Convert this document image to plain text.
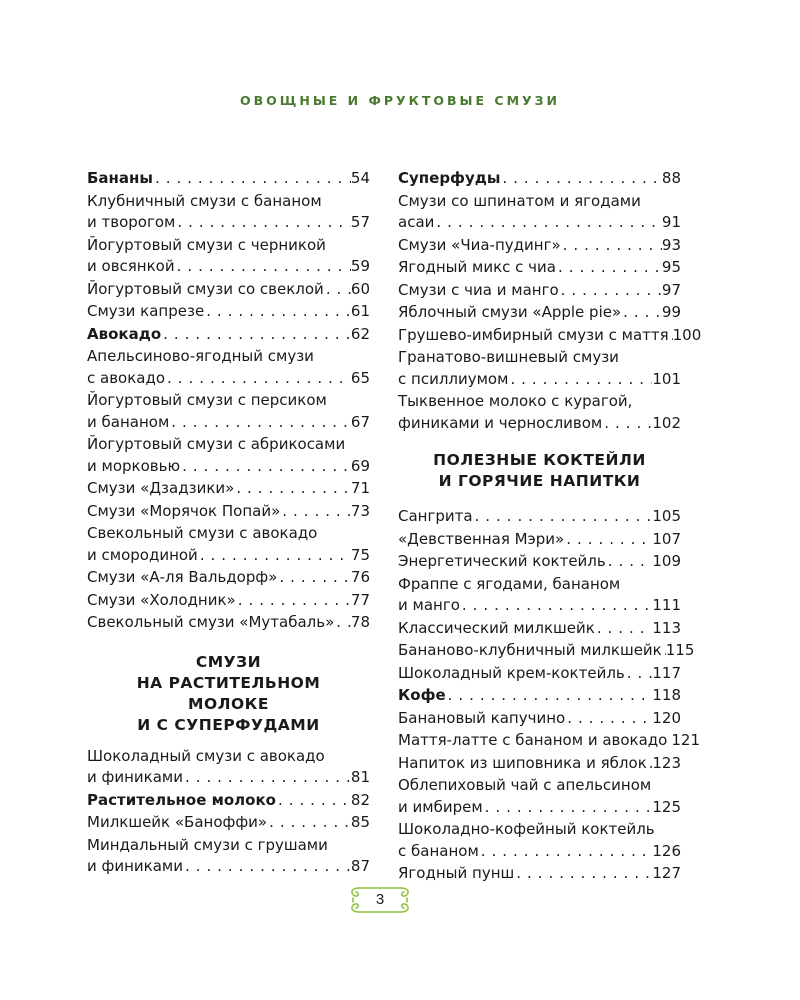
ОВОЩНЫЕ И ФРУКТОВЫЕ СМУЗИ
Бананы . . .	54
Клубничный смузи с бананом
и творогом . . .	57
Йогуртовый смузи с черникой
и овсянкой . . .	59
Йогуртовый смузи со свеклой . . . 60
Смузи капрезе . . .	61
Авокадо . . .	62
Апельсиново-ягодный смузи
с авокадо . . .	65
Йогуртовый смузи с персиком
и бананом . . .	67
Йогуртовый смузи с абрикосами
и морковью . . .	69
Смузи «Дзадзики» . . .	71
Смузи «Морячок Попай» . . .	73
Свекольный смузи с авокадо
и смородиной . . .	75
Смузи «А-ля Вальдорф» . . .	76
Смузи «Холодник» . . .	77
Свекольный смузи «Мутабаль» . . . 78
СМУЗИ
НА РАСТИТЕЛЬНОМ
МОЛОКЕ
И С СУПЕРФУДАМИ
Шоколадный смузи с авокадо
и финиками . . .	81
Растительное молоко . . .	82
Милкшейк «Баноффи» . . .	85
Миндальный смузи с грушами
и финиками . . .	87
Суперфуды . . .	88
Смузи со шпинатом и ягодами
асаи . . .	91
Смузи «Чиа-пудинг» . . .	93
Ягодный микс с чиа . . .	95
Смузи с чиа и манго . . .	97
Яблочный смузи «Apple pie» . . .	99
Грушево-имбирный смузи с маття . . . 100
Гранатово-вишневый смузи
с псиллиумом . . .	101
Тыквенное молоко с курагой,
финиками и черносливом . . .	102
ПОЛЕЗНЫЕ КОКТЕЙЛИ
И ГОРЯЧИЕ НАПИТКИ
Сангрита . . .	105
«Девственная Мэри» . . .	107
Энергетический коктейль . . .	109
Фраппе с ягодами, бананом
и манго . . .	111
Классический милкшейк . . .	113
Бананово-клубничный милкшейк . . . 115
Шоколадный крем-коктейль . . . 117
Кофе . . .	118
Банановый капучино . . .	120
Маття-латте с бананом и авокадо . . . 121
Напиток из шиповника и яблок . . . 123
Облепиховый чай с апельсином
и имбирем . . .	125
Шоколадно-кофейный коктейль
с бананом . . .	126
Ягодный пунш . . .	127
3
